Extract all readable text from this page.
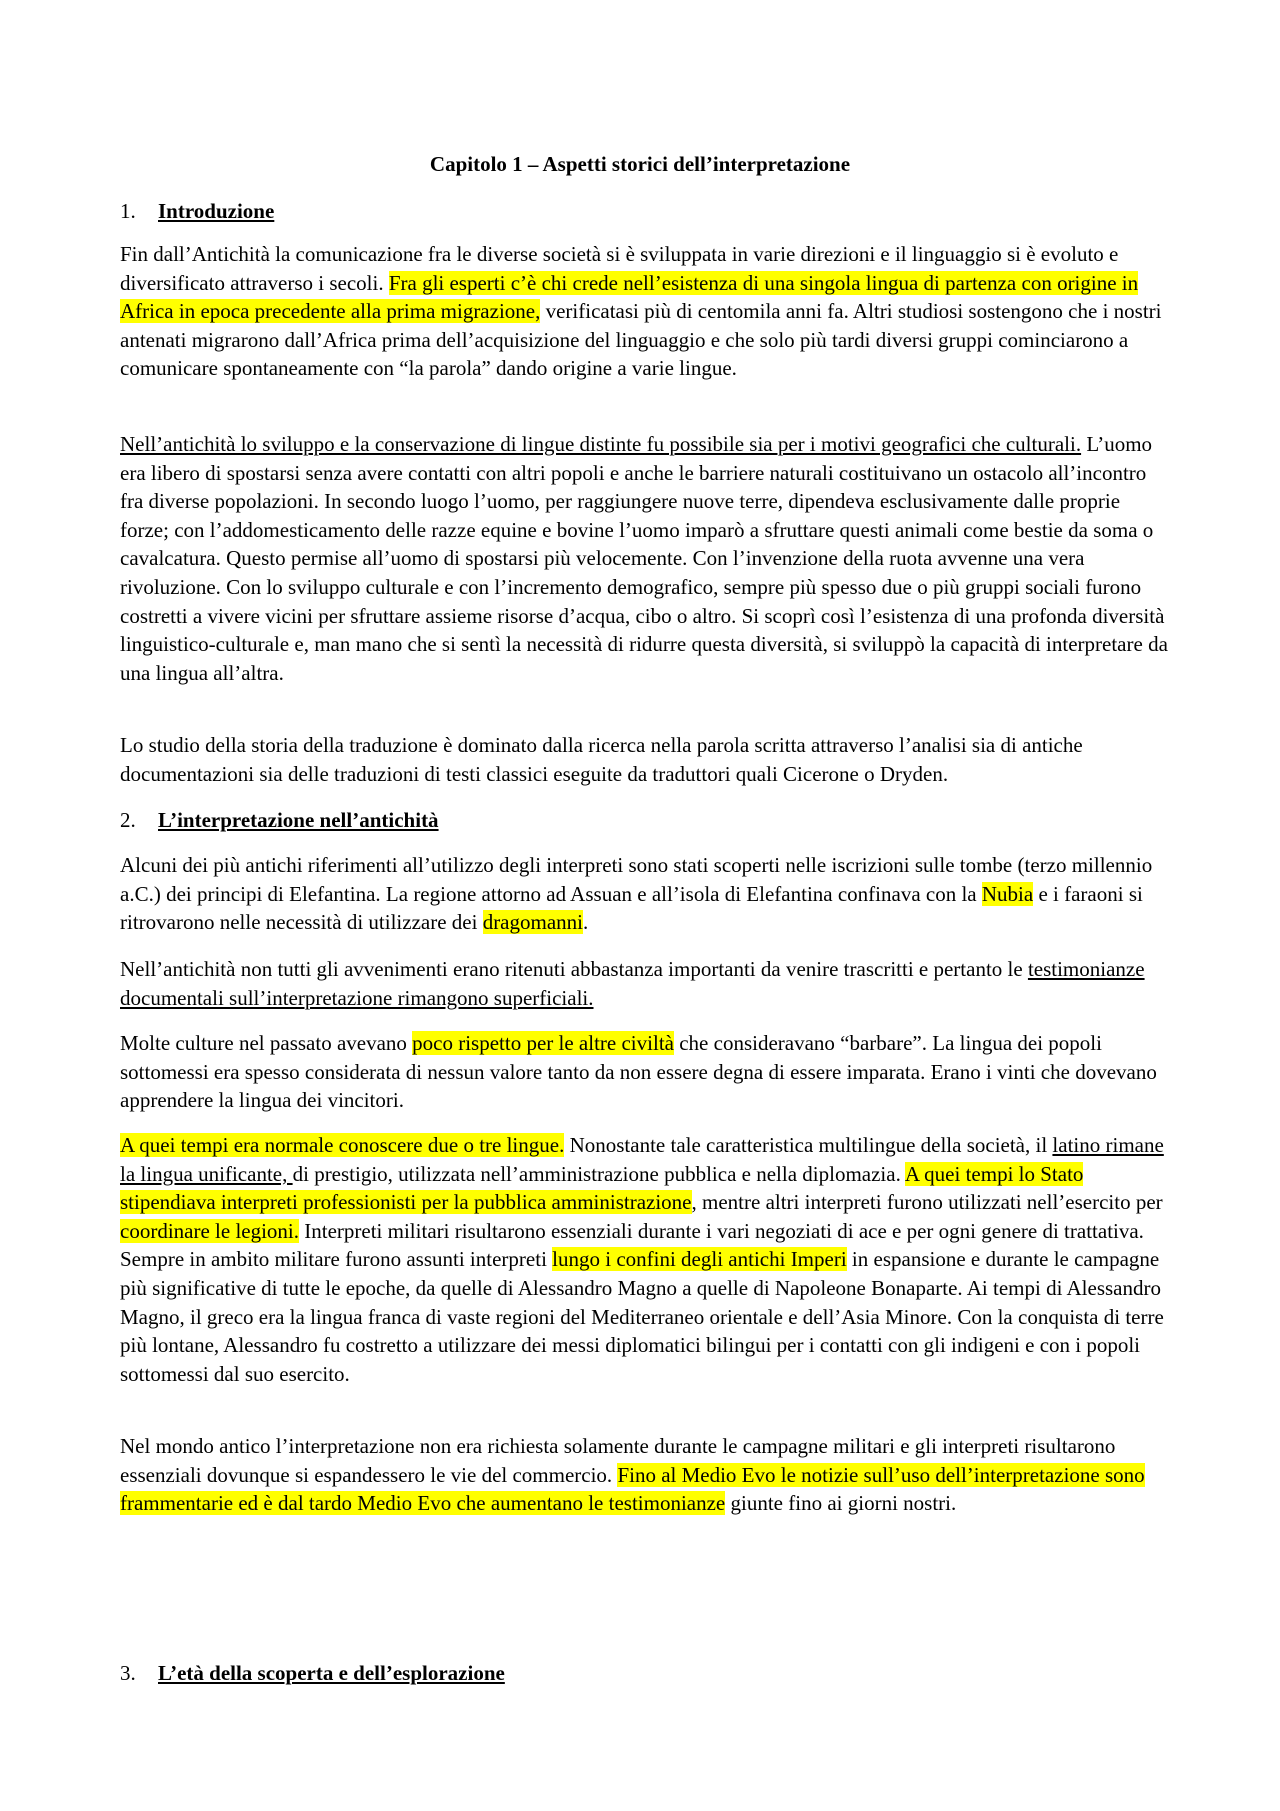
Capitolo 1 – Aspetti storici dell’interpretazione
1. Introduzione

Fin dall’Antichità la comunicazione fra le diverse società si è sviluppata in varie direzioni e il linguaggio si è evoluto e diversificato attraverso i secoli. Fra gli esperti c’è chi crede nell’esistenza di una singola lingua di partenza con origine in Africa in epoca precedente alla prima migrazione, verificatasi più di centomila anni fa. Altri studiosi sostengono che i nostri antenati migrarono dall’Africa prima dell’acquisizione del linguaggio e che solo più tardi diversi gruppi cominciarono a comunicare spontaneamente con “la parola” dando origine a varie lingue.

Nell’antichità lo sviluppo e la conservazione di lingue distinte fu possibile sia per i motivi geografici che culturali. L’uomo era libero di spostarsi senza avere contatti con altri popoli e anche le barriere naturali costituivano un ostacolo all’incontro fra diverse popolazioni. In secondo luogo l’uomo, per raggiungere nuove terre, dipendeva esclusivamente dalle proprie forze; con l’addomesticamento delle razze equine e bovine l’uomo imparò a sfruttare questi animali come bestie da soma o cavalcatura. Questo permise all’uomo di spostarsi più velocemente. Con l’invenzione della ruota avvenne una vera rivoluzione. Con lo sviluppo culturale e con l’incremento demografico, sempre più spesso due o più gruppi sociali furono costretti a vivere vicini per sfruttare assieme risorse d’acqua, cibo o altro. Si scoprì così l’esistenza di una profonda diversità linguistico-culturale e, man mano che si sentì la necessità di ridurre questa diversità, si sviluppò la capacità di interpretare da una lingua all’altra.

Lo studio della storia della traduzione è dominato dalla ricerca nella parola scritta attraverso l’analisi sia di antiche documentazioni sia delle traduzioni di testi classici eseguite da traduttori quali Cicerone o Dryden.

2. L’interpretazione nell’antichità

Alcuni dei più antichi riferimenti all’utilizzo degli interpreti sono stati scoperti nelle iscrizioni sulle tombe (terzo millennio a.C.) dei principi di Elefantina. La regione attorno ad Assuan e all’isola di Elefantina confinava con la Nubia e i faraoni si ritrovarono nelle necessità di utilizzare dei dragomanni.

Nell’antichità non tutti gli avvenimenti erano ritenuti abbastanza importanti da venire trascritti e pertanto le testimonianze documentali sull’interpretazione rimangono superficiali.

Molte culture nel passato avevano poco rispetto per le altre civiltà che consideravano “barbare”. La lingua dei popoli sottomessi era spesso considerata di nessun valore tanto da non essere degna di essere imparata. Erano i vinti che dovevano apprendere la lingua dei vincitori.

A quei tempi era normale conoscere due o tre lingue. Nonostante tale caratteristica multilingue della società, il latino rimane la lingua unificante, di prestigio, utilizzata nell’amministrazione pubblica e nella diplomazia. A quei tempi lo Stato stipendiava interpreti professionisti per la pubblica amministrazione, mentre altri interpreti furono utilizzati nell’esercito per coordinare le legioni. Interpreti militari risultarono essenziali durante i vari negoziati di ace e per ogni genere di trattativa. Sempre in ambito militare furono assunti interpreti lungo i confini degli antichi Imperi in espansione e durante le campagne più significative di tutte le epoche, da quelle di Alessandro Magno a quelle di Napoleone Bonaparte. Ai tempi di Alessandro Magno, il greco era la lingua franca di vaste regioni del Mediterraneo orientale e dell’Asia Minore. Con la conquista di terre più lontane, Alessandro fu costretto a utilizzare dei messi diplomatici bilingui per i contatti con gli indigeni e con i popoli sottomessi dal suo esercito.

Nel mondo antico l’interpretazione non era richiesta solamente durante le campagne militari e gli interpreti risultarono essenziali dovunque si espandessero le vie del commercio. Fino al Medio Evo le notizie sull’uso dell’interpretazione sono frammentarie ed è dal tardo Medio Evo che aumentano le testimonianze giunte fino ai giorni nostri.

3. L’età della scoperta e dell’esplorazione
